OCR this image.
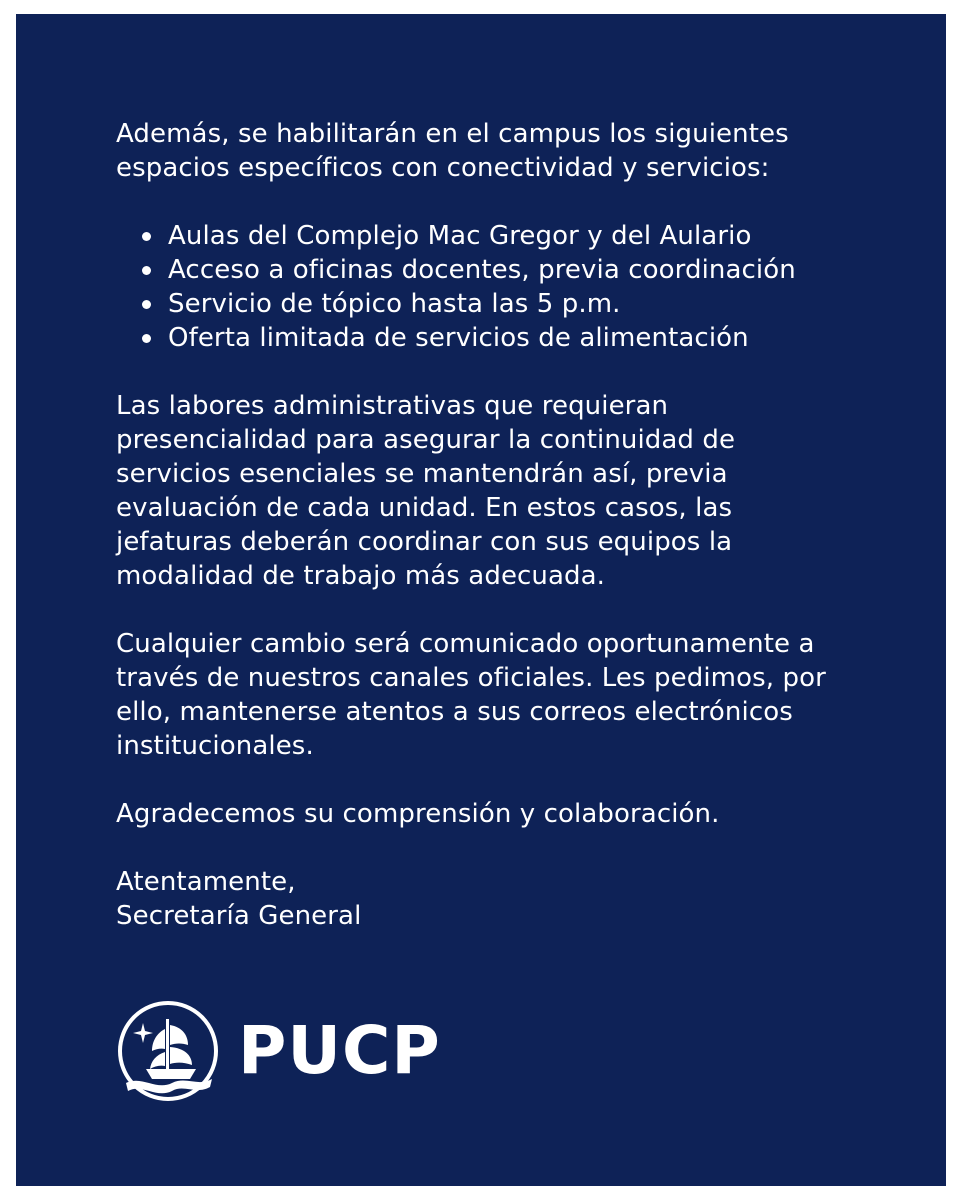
Además, se habilitarán en el campus los siguientes espacios específicos con conectividad y servicios:

Aulas del Complejo Mac Gregor y del Aulario
Acceso a oficinas docentes, previa coordinación
Servicio de tópico hasta las 5 p.m.
Oferta limitada de servicios de alimentación

Las labores administrativas que requieran presencialidad para asegurar la continuidad de servicios esenciales se mantendrán así, previa evaluación de cada unidad. En estos casos, las jefaturas deberán coordinar con sus equipos la modalidad de trabajo más adecuada.

Cualquier cambio será comunicado oportunamente a través de nuestros canales oficiales. Les pedimos, por ello, mantenerse atentos a sus correos electrónicos institucionales.

Agradecemos su comprensión y colaboración.

Atentamente,

Secretaría General

PUCP
